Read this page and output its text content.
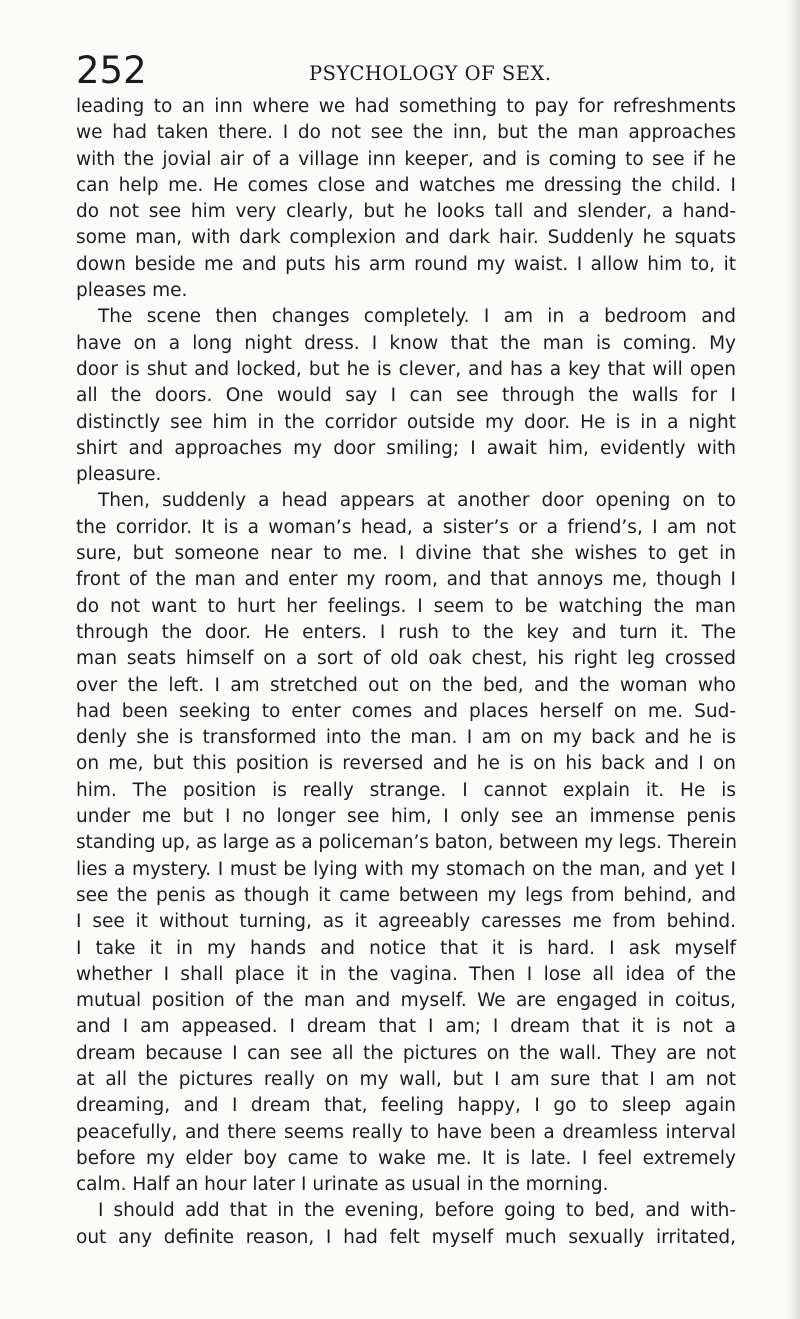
252	PSYCHOLOGY OF SEX.
leading to an inn where we had something to pay for refreshments
we had taken there. I do not see the inn, but the man approaches
with the jovial air of a village inn keeper, and is coming to see if he
can help me. He comes close and watches me dressing the child. I
do not see him very clearly, but he looks tall and slender, a hand-
some man, with dark complexion and dark hair. Suddenly he squats
down beside me and puts his arm round my waist. I allow him to, it
pleases me.
The scene then changes completely. I am in a bedroom and
have on a long night dress. I know that the man is coming. My
door is shut and locked, but he is clever, and has a key that will open
all the doors. One would say I can see through the walls for I
distinctly see him in the corridor outside my door. He is in a night
shirt and approaches my door smiling; I await him, evidently with
pleasure.
Then, suddenly a head appears at another door opening on to
the corridor. It is a woman’s head, a sister’s or a friend’s, I am not
sure, but someone near to me. I divine that she wishes to get in
front of the man and enter my room, and that annoys me, though I
do not want to hurt her feelings. I seem to be watching the man
through the door. He enters. I rush to the key and turn it. The
man seats himself on a sort of old oak chest, his right leg crossed
over the left. I am stretched out on the bed, and the woman who
had been seeking to enter comes and places herself on me. Sud-
denly she is transformed into the man. I am on my back and he is
on me, but this position is reversed and he is on his back and I on
him. The position is really strange. I cannot explain it. He is
under me but I no longer see him, I only see an immense penis
standing up, as large as a policeman’s baton, between my legs. Therein
lies a mystery. I must be lying with my stomach on the man, and yet I
see the penis as though it came between my legs from behind, and
I see it without turning, as it agreeably caresses me from behind.
I take it in my hands and notice that it is hard. I ask myself
whether I shall place it in the vagina. Then I lose all idea of the
mutual position of the man and myself. We are engaged in coitus,
and I am appeased. I dream that I am; I dream that it is not a
dream because I can see all the pictures on the wall. They are not
at all the pictures really on my wall, but I am sure that I am not
dreaming, and I dream that, feeling happy, I go to sleep again
peacefully, and there seems really to have been a dreamless interval
before my elder boy came to wake me. It is late. I feel extremely
calm. Half an hour later I urinate as usual in the morning.
I should add that in the evening, before going to bed, and with-
out any definite reason, I had felt myself much sexually irritated,
